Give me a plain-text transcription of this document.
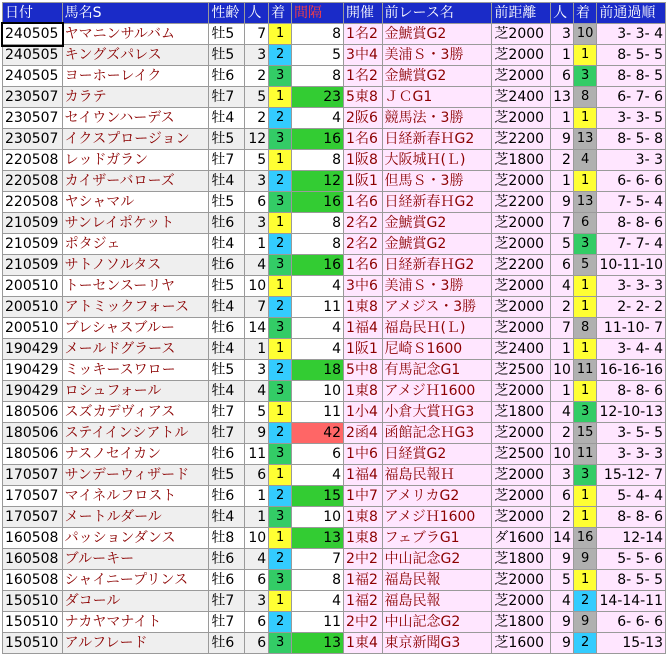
日付	馬名S	性齢	人	着	間隔	開催	前レース名	前距離	人	着	前通過順
240505	ヤマニンサルバム	牡5	7	1	8	1名2	金鯱賞G2	芝2000	3	10	3- 3- 4
240505	キングズパレス	牡5	3	2	5	3中4	美浦Ｓ・3勝	芝2000	1	1	8- 5- 5
240505	ヨーホーレイク	牡6	2	3	8	1名2	金鯱賞G2	芝2000	6	3	8- 8- 5
230507	カラテ	牡7	5	1	23	5東8	ＪＣG1	芝2400	13	8	6- 7- 6
230507	セイウンハーデス	牡4	2	2	4	2阪6	競馬法・3勝	芝2000	1	1	3- 3- 5
230507	イクスプロージョン	牡5	12	3	16	1名6	日経新春ＨG2	芝2200	9	13	8- 5- 8
220508	レッドガラン	牡7	5	1	8	1阪8	大阪城Ｈ(Ｌ)	芝1800	2	4	3- 3
220508	カイザーバローズ	牡4	3	2	12	1阪1	但馬Ｓ・3勝	芝2000	1	1	6- 6- 6
220508	ヤシャマル	牡5	6	3	16	1名6	日経新春ＨG2	芝2200	9	13	7- 5- 4
210509	サンレイポケット	牡6	3	1	8	2名2	金鯱賞G2	芝2000	7	6	8- 8- 6
210509	ポタジェ	牡4	1	2	8	2名2	金鯱賞G2	芝2000	5	3	7- 7- 4
210509	サトノソルタス	牡6	4	3	16	1名6	日経新春ＨG2	芝2200	6	5	10-11-10
200510	トーセンスーリヤ	牡5	10	1	4	3中6	美浦Ｓ・3勝	芝2000	4	1	3- 3- 3
200510	アトミックフォース	牡4	7	2	11	1東8	アメジス・3勝	芝2000	2	1	2- 2- 2
200510	ブレシャスブルー	牡6	14	3	4	1福4	福島民Ｈ(Ｌ)	芝2000	7	8	11-10- 7
190429	メールドグラース	牡4	1	1	4	1阪1	尼崎Ｓ1600	芝2400	1	1	3- 4- 4
190429	ミッキースワロー	牡5	3	2	18	5中8	有馬記念G1	芝2500	10	11	16-16-16
190429	ロシュフォール	牡4	4	3	10	1東8	アメジＨ1600	芝2000	1	1	8- 8- 6
180506	スズカデヴィアス	牡7	5	1	11	1小4	小倉大賞ＨG3	芝1800	4	3	12-10-13
180506	ステイインシアトル	牡7	9	2	42	2函4	函館記念ＨG3	芝2000	2	15	3- 5- 5
180506	ナスノセイカン	牡6	11	3	6	1中6	日経賞G2	芝2500	10	11	3- 3- 3
170507	サンデーウィザード	牡5	6	1	4	1福4	福島民報Ｈ	芝2000	3	3	15-12- 7
170507	マイネルフロスト	牡6	1	2	15	1中7	アメリカG2	芝2000	6	1	5- 4- 4
170507	メートルダール	牡4	1	3	10	1東8	アメジＨ1600	芝2000	2	1	8- 8- 6
160508	パッションダンス	牡8	10	1	13	1東8	フェブラG1	ダ1600	14	16	12-14
160508	ブルーキー	牡6	4	2	7	2中2	中山記念G2	芝1800	9	9	5- 5- 6
160508	シャイニープリンス	牡6	6	3	8	1福2	福島民報	芝2000	5	1	8- 5- 5
150510	ダコール	牡7	3	1	4	1福2	福島民報	芝2000	4	2	14-14-11
150510	ナカヤマナイト	牡7	6	2	11	2中2	中山記念G2	芝1800	9	9	6- 6- 6
150510	アルフレード	牡6	6	3	13	1東4	東京新聞G3	芝1600	9	2	15-13
